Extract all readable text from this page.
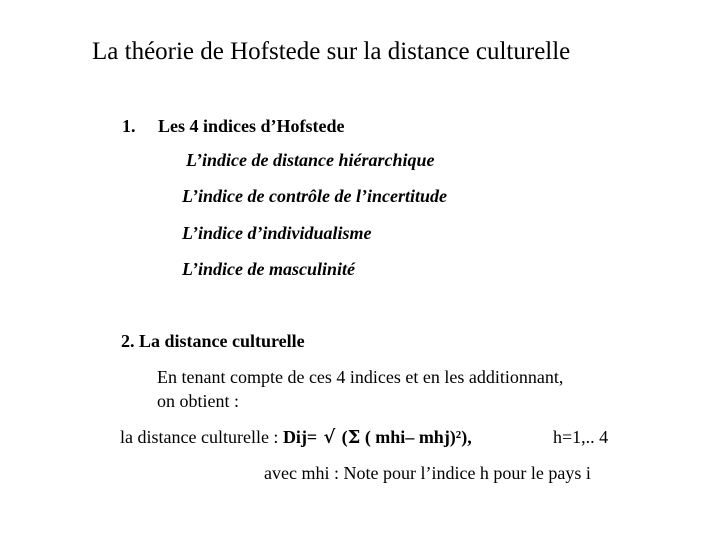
La théorie de Hofstede sur la distance culturelle
1. Les 4 indices d’Hofstede
L’indice de distance hiérarchique
L’indice de contrôle de l’incertitude
L’indice d’individualisme
L’indice de masculinité
2. La distance culturelle
En tenant compte de ces 4 indices et en les additionnant,
on obtient :
la distance culturelle : Dij= √ (Σ ( mhi– mhj)²),	h=1,.. 4
avec mhi : Note pour l’indice h pour le pays i
